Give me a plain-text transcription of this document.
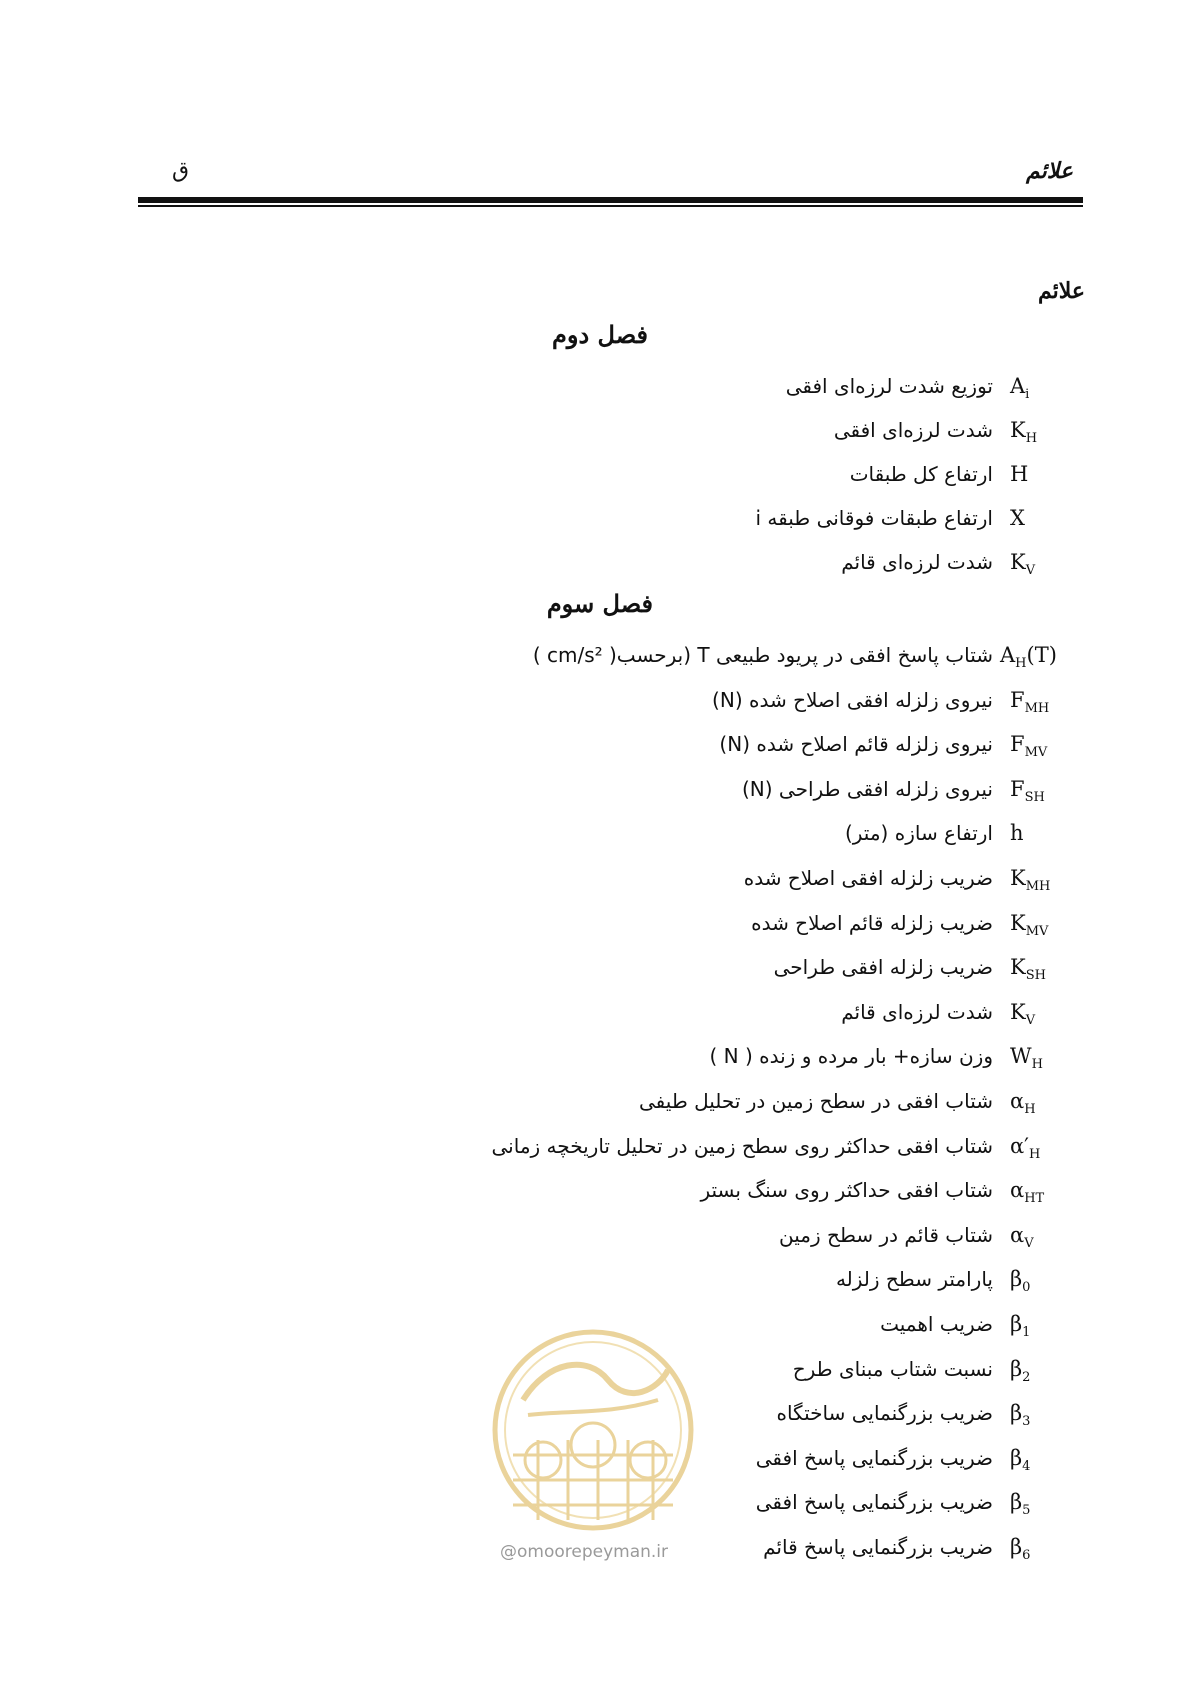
ق	علائم
علائم
فصل دوم
فصل سوم
$A_i$
توزیع شدت لرزه‌ای افقی
$K_H$
شدت لرزه‌ای افقی
H
ارتفاع کل طبقات
X
ارتفاع طبقات فوقانی طبقه i
$K_V$
شدت لرزه‌ای قائم
$A_H(T)$
شتاب پاسخ افقی در پریود طبیعی T (برحسب( cm/s² )
$F_{MH}$
نیروی زلزله افقی اصلاح شده (N)
$F_{MV}$
نیروی زلزله قائم اصلاح شده (N)
$F_{SH}$
نیروی زلزله افقی طراحی (N)
h
ارتفاع سازه (متر)
$K_{MH}$
ضریب زلزله افقی اصلاح شده
$K_{MV}$
ضریب زلزله قائم اصلاح شده
$K_{SH}$
ضریب زلزله افقی طراحی
$K_V$
شدت لرزه‌ای قائم
$W_H$
وزن سازه+ بار مرده و زنده ( N )
$\alpha_H$
شتاب افقی در سطح زمین در تحلیل طیفی
$\alpha'_H$
شتاب افقی حداکثر روی سطح زمین در تحلیل تاریخچه زمانی
$\alpha_{HT}$
شتاب افقی حداکثر روی سنگ بستر
$\alpha_V$
شتاب قائم در سطح زمین
$\beta_0$
پارامتر سطح زلزله
$\beta_1$
ضریب اهمیت
$\beta_2$
نسبت شتاب مبنای طرح
$\beta_3$
ضریب بزرگنمایی ساختگاه
$\beta_4$
ضریب بزرگنمایی پاسخ افقی
$\beta_5$
ضریب بزرگنمایی پاسخ افقی
$\beta_6$
ضریب بزرگنمایی پاسخ قائم
@omoorepeyman.ir
